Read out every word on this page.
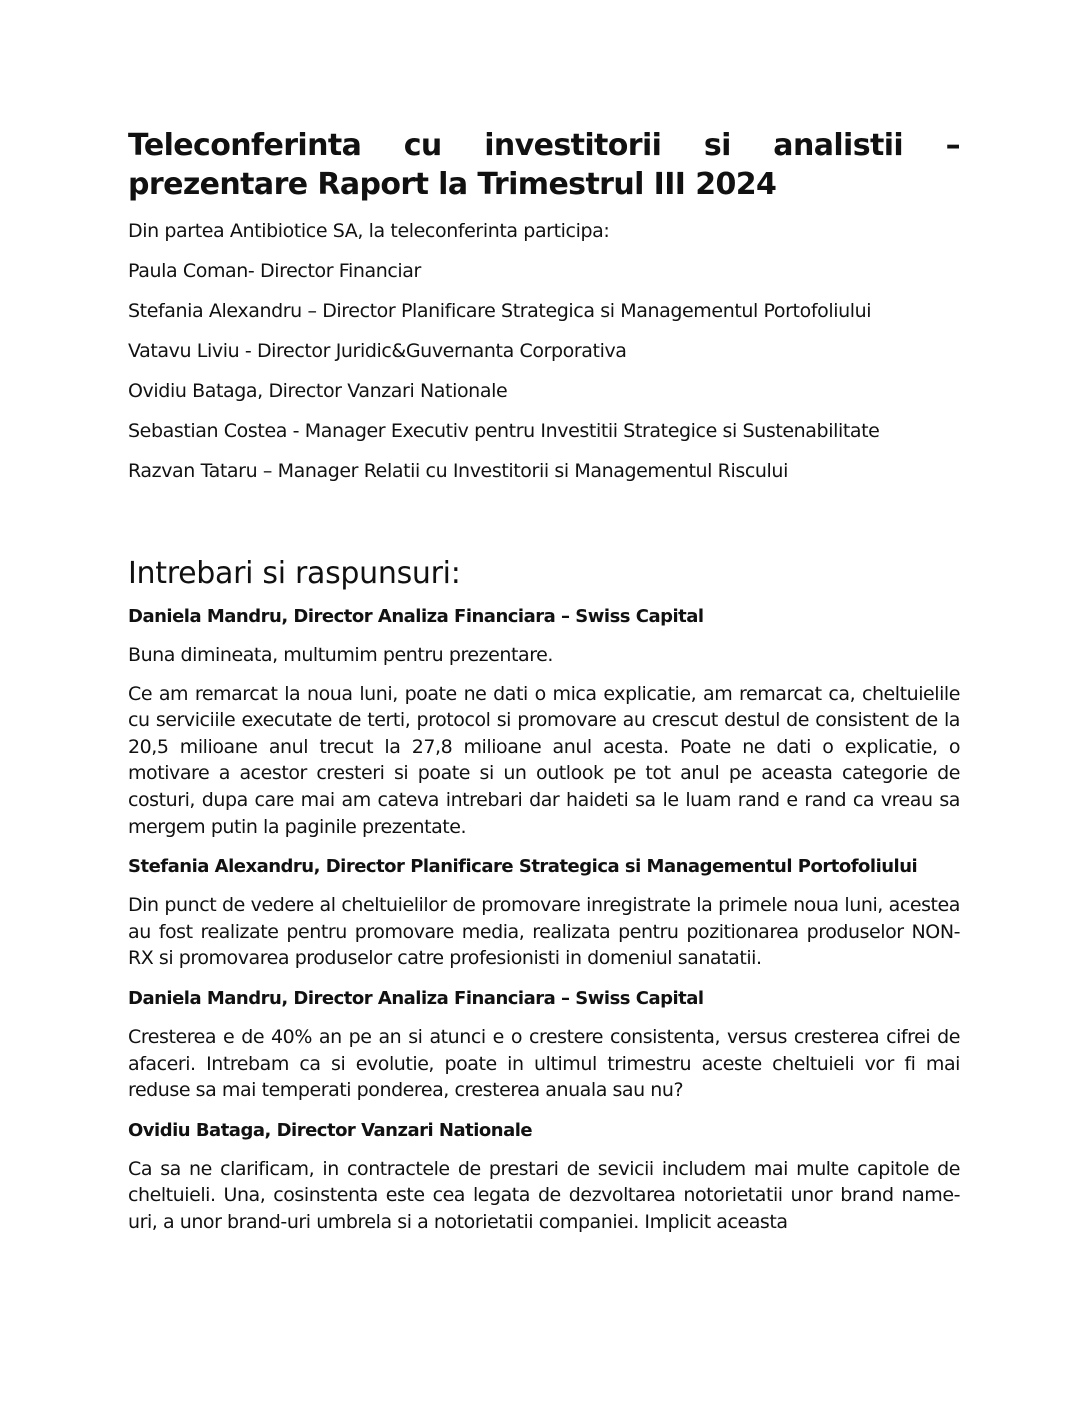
Teleconferinta cu investitorii si analistii – prezentare Raport la Trimestrul III 2024

Din partea Antibiotice SA, la teleconferinta participa:

Paula Coman- Director Financiar
Stefania Alexandru – Director Planificare Strategica si Managementul Portofoliului
Vatavu Liviu - Director Juridic&Guvernanta Corporativa
Ovidiu Bataga, Director Vanzari Nationale
Sebastian Costea - Manager Executiv pentru Investitii Strategice si Sustenabilitate
Razvan Tataru – Manager Relatii cu Investitorii si Managementul Riscului
Intrebari si raspunsuri:

Daniela Mandru, Director Analiza Financiara – Swiss Capital

Buna dimineata, multumim pentru prezentare.

Ce am remarcat la noua luni, poate ne dati o mica explicatie, am remarcat ca, cheltuielile cu serviciile executate de terti, protocol si promovare au crescut destul de consistent de la 20,5 milioane anul trecut la 27,8 milioane anul acesta. Poate ne dati o explicatie, o motivare a acestor cresteri si poate si un outlook pe tot anul pe aceasta categorie de costuri, dupa care mai am cateva intrebari dar haideti sa le luam rand e rand ca vreau sa mergem putin la paginile prezentate.

Stefania Alexandru, Director Planificare Strategica si Managementul Portofoliului

Din punct de vedere al cheltuielilor de promovare inregistrate la primele noua luni, acestea au fost realizate pentru promovare media, realizata pentru pozitionarea produselor NON-RX si promovarea produselor catre profesionisti in domeniul sanatatii.

Daniela Mandru, Director Analiza Financiara – Swiss Capital

Cresterea e de 40% an pe an si atunci e o crestere consistenta, versus cresterea cifrei de afaceri. Intrebam ca si evolutie, poate in ultimul trimestru aceste cheltuieli vor fi mai reduse sa mai temperati ponderea, cresterea anuala sau nu?

Ovidiu Bataga, Director Vanzari Nationale

Ca sa ne clarificam, in contractele de prestari de sevicii includem mai multe capitole de cheltuieli. Una, cosinstenta este cea legata de dezvoltarea notorietatii unor brand name-uri, a unor brand-uri umbrela si a notorietatii companiei. Implicit aceasta
